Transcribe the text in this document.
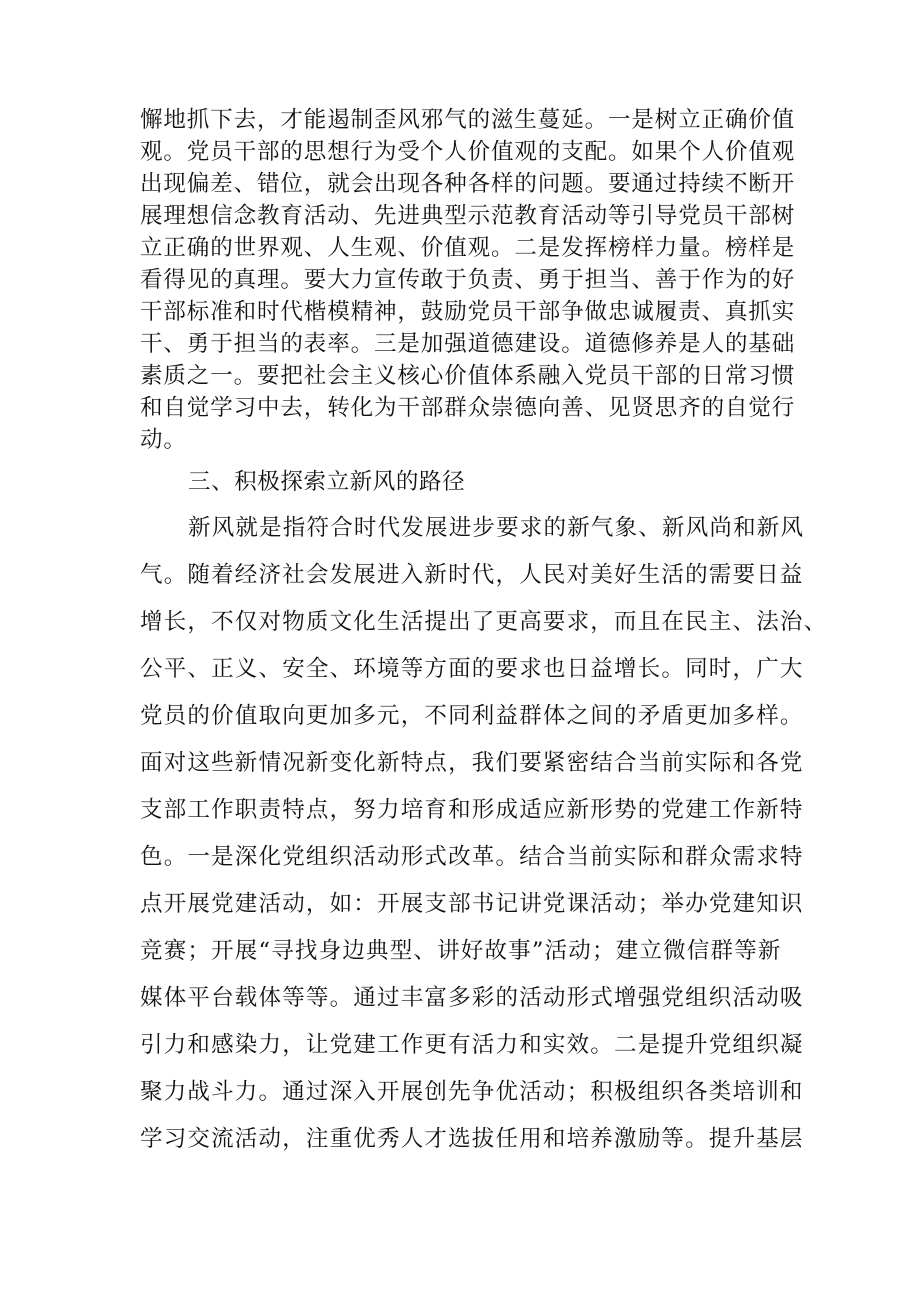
懈地抓下去，才能遏制歪风邪气的滋生蔓延。一是树立正确价值
观。党员干部的思想行为受个人价值观的支配。如果个人价值观
出现偏差、错位，就会出现各种各样的问题。要通过持续不断开
展理想信念教育活动、先进典型示范教育活动等引导党员干部树
立正确的世界观、人生观、价值观。二是发挥榜样力量。榜样是
看得见的真理。要大力宣传敢于负责、勇于担当、善于作为的好
干部标准和时代楷模精神，鼓励党员干部争做忠诚履责、真抓实
干、勇于担当的表率。三是加强道德建设。道德修养是人的基础
素质之一。要把社会主义核心价值体系融入党员干部的日常习惯
和自觉学习中去，转化为干部群众崇德向善、见贤思齐的自觉行
动。
三、积极探索立新风的路径
新风就是指符合时代发展进步要求的新气象、新风尚和新风
气。随着经济社会发展进入新时代，人民对美好生活的需要日益
增长，不仅对物质文化生活提出了更高要求，而且在民主、法治、
公平、正义、安全、环境等方面的要求也日益增长。同时，广大
党员的价值取向更加多元，不同利益群体之间的矛盾更加多样。
面对这些新情况新变化新特点，我们要紧密结合当前实际和各党
支部工作职责特点，努力培育和形成适应新形势的党建工作新特
色。一是深化党组织活动形式改革。结合当前实际和群众需求特
点开展党建活动，如：开展支部书记讲党课活动；举办党建知识
竞赛；开展“寻找身边典型、讲好故事”活动；建立微信群等新
媒体平台载体等等。通过丰富多彩的活动形式增强党组织活动吸
引力和感染力，让党建工作更有活力和实效。二是提升党组织凝
聚力战斗力。通过深入开展创先争优活动；积极组织各类培训和
学习交流活动，注重优秀人才选拔任用和培养激励等。提升基层
